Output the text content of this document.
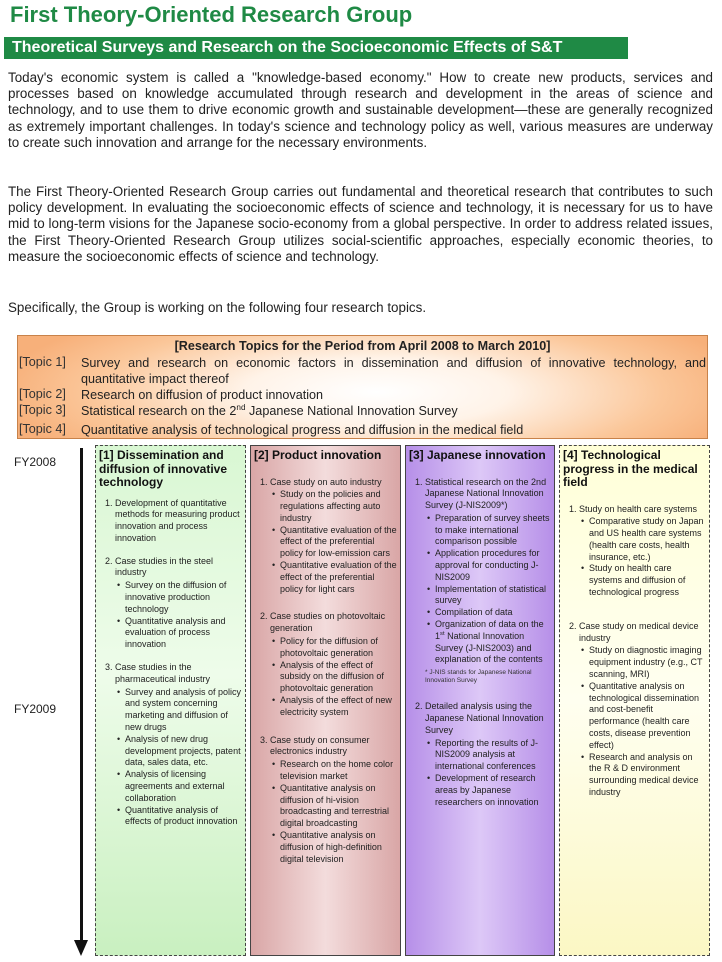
First Theory-Oriented Research Group
Theoretical Surveys and Research on the Socioeconomic Effects of S&T
Today's economic system is called a "knowledge-based economy." How to create new products, services and processes based on knowledge accumulated through research and development in the areas of science and technology, and to use them to drive economic growth and sustainable development—these are generally recognized as extremely important challenges. In today's science and technology policy as well, various measures are underway to create such innovation and arrange for the necessary environments.
The First Theory-Oriented Research Group carries out fundamental and theoretical research that contributes to such policy development. In evaluating the socioeconomic effects of science and technology, it is necessary for us to have mid to long-term visions for the Japanese socio-economy from a global perspective. In order to address related issues, the First Theory-Oriented Research Group utilizes social-scientific approaches, especially economic theories, to measure the socioeconomic effects of science and technology.
Specifically, the Group is working on the following four research topics.
[Research Topics for the Period from April 2008 to March 2010]
[Topic 1] Survey and research on economic factors in dissemination and diffusion of innovative technology, and quantitative impact thereof
[Topic 2] Research on diffusion of product innovation
[Topic 3] Statistical research on the 2nd Japanese National Innovation Survey
[Topic 4] Quantitative analysis of technological progress and diffusion in the medical field
FY2008
FY2009
[1] Dissemination and diffusion of innovative technology
1. Development of quantitative methods for measuring product innovation and process innovation
2. Case studies in the steel industry
• Survey on the diffusion of innovative production technology
• Quantitative analysis and evaluation of process innovation
3. Case studies in the pharmaceutical industry
• Survey and analysis of policy and system concerning marketing and diffusion of new drugs
• Analysis of new drug development projects, patent data, sales data, etc.
• Analysis of licensing agreements and external collaboration
• Quantitative analysis of effects of product innovation
[2] Product innovation
1. Case study on auto industry
• Study on the policies and regulations affecting auto industry
• Quantitative evaluation of the effect of the preferential policy for low-emission cars
• Quantitative evaluation of the effect of the preferential policy for light cars
2. Case studies on photovoltaic generation
• Policy for the diffusion of photovoltaic generation
• Analysis of the effect of subsidy on the diffusion of photovoltaic generation
• Analysis of the effect of new electricity system
3. Case study on consumer electronics industry
• Research on the home color television market
• Quantitative analysis on diffusion of hi-vision broadcasting and terrestrial digital broadcasting
• Quantitative analysis on diffusion of high-definition digital television
[3] Japanese innovation
1. Statistical research on the 2nd Japanese National Innovation Survey (J-NIS2009*)
• Preparation of survey sheets to make international comparison possible
• Application procedures for approval for conducting J-NIS2009
• Implementation of statistical survey
• Compilation of data
• Organization of data on the 1st National Innovation Survey (J-NIS2003) and explanation of the contents
* J-NIS stands for Japanese National Innovation Survey
2. Detailed analysis using the Japanese National Innovation Survey
• Reporting the results of J-NIS2009 analysis at international conferences
• Development of research areas by Japanese researchers on innovation
[4] Technological progress in the medical field
1. Study on health care systems
• Comparative study on Japan and US health care systems (health care costs, health insurance, etc.)
• Study on health care systems and diffusion of technological progress
2. Case study on medical device industry
• Study on diagnostic imaging equipment industry (e.g., CT scanning, MRI)
• Quantitative analysis on technological dissemination and cost-benefit performance (health care costs, disease prevention effect)
• Research and analysis on the R & D environment surrounding medical device industry
